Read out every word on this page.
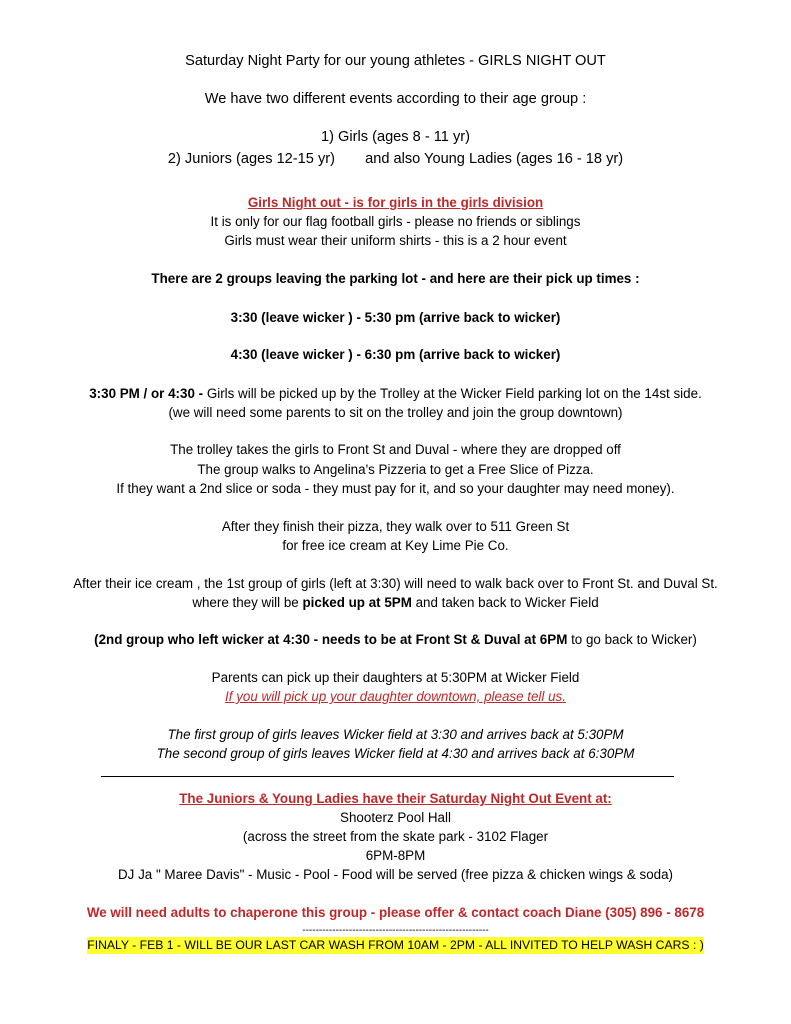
Saturday Night Party for our young athletes - GIRLS NIGHT OUT
We have two different events according to their age group :
1) Girls (ages 8 - 11 yr)
2) Juniors (ages 12-15 yr) and also Young Ladies (ages 16 - 18 yr)
Girls Night out - is for girls in the girls division
It is only for our flag football girls - please no friends or siblings
Girls must wear their uniform shirts - this is a 2 hour event
There are 2 groups leaving the parking lot - and here are their pick up times :
3:30 (leave wicker ) - 5:30 pm (arrive back to wicker)
4:30 (leave wicker ) - 6:30 pm (arrive back to wicker)
3:30 PM / or 4:30 - Girls will be picked up by the Trolley at the Wicker Field parking lot on the 14st side.
(we will need some parents to sit on the trolley and join the group downtown)
The trolley takes the girls to Front St and Duval - where they are dropped off
The group walks to Angelina's Pizzeria to get a Free Slice of Pizza.
If they want a 2nd slice or soda - they must pay for it, and so your daughter may need money).
After they finish their pizza, they walk over to 511 Green St
for free ice cream at Key Lime Pie Co.
After their ice cream , the 1st group of girls (left at 3:30) will need to walk back over to Front St. and Duval St.
where they will be picked up at 5PM and taken back to Wicker Field
(2nd group who left wicker at 4:30 - needs to be at Front St & Duval at 6PM to go back to Wicker)
Parents can pick up their daughters at 5:30PM at Wicker Field
If you will pick up your daughter downtown, please tell us.
The first group of girls leaves Wicker field at 3:30 and arrives back at 5:30PM
The second group of girls leaves Wicker field at 4:30 and arrives back at 6:30PM
The Juniors & Young Ladies have their Saturday Night Out Event at:
Shooterz Pool Hall
(across the street from the skate park - 3102 Flager
6PM-8PM
DJ Ja " Maree Davis" - Music - Pool - Food will be served (free pizza & chicken wings & soda)
We will need adults to chaperone this group - please offer & contact coach Diane (305) 896 - 8678
--------------------------------------------------------
FINALY - FEB 1 - WILL BE OUR LAST CAR WASH FROM 10AM - 2PM - ALL INVITED TO HELP WASH CARS : )
